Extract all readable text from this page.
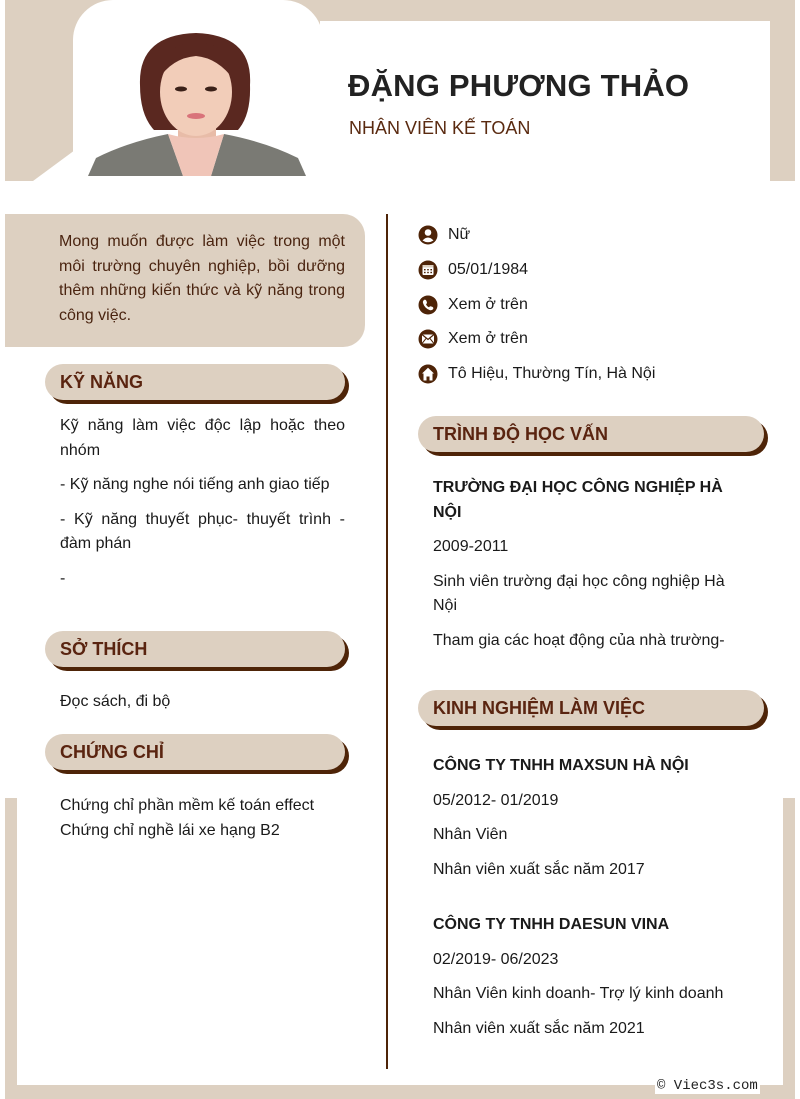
ĐẶNG PHƯƠNG THẢO
NHÂN VIÊN KẾ TOÁN

Mong muốn được làm việc trong một môi trường chuyên nghiệp, bồi dưỡng thêm những kiến thức và kỹ năng trong công việc.

Nữ
05/01/1984
Xem ở trên
Xem ở trên
Tô Hiệu, Thường Tín, Hà Nội
KỸ NĂNG
Kỹ năng làm việc độc lập hoặc theo nhóm
- Kỹ năng nghe nói tiếng anh giao tiếp
- Kỹ năng thuyết phục- thuyết trình - đàm phán
-
SỞ THÍCH
Đọc sách, đi bộ
CHỨNG CHỈ
Chứng chỉ phần mềm kế toán effect
Chứng chỉ nghề lái xe hạng B2
TRÌNH ĐỘ HỌC VẤN
TRƯỜNG ĐẠI HỌC CÔNG NGHIỆP HÀ NỘI
2009-2011
Sinh viên trường đại học công nghiệp Hà Nội
Tham gia các hoạt động của nhà trường-
KINH NGHIỆM LÀM VIỆC
CÔNG TY TNHH MAXSUN HÀ NỘI
05/2012- 01/2019
Nhân Viên
Nhân viên xuất sắc năm 2017
CÔNG TY TNHH DAESUN VINA
02/2019- 06/2023
Nhân Viên kinh doanh- Trợ lý kinh doanh
Nhân viên xuất sắc năm 2021
© Viec3s.com
